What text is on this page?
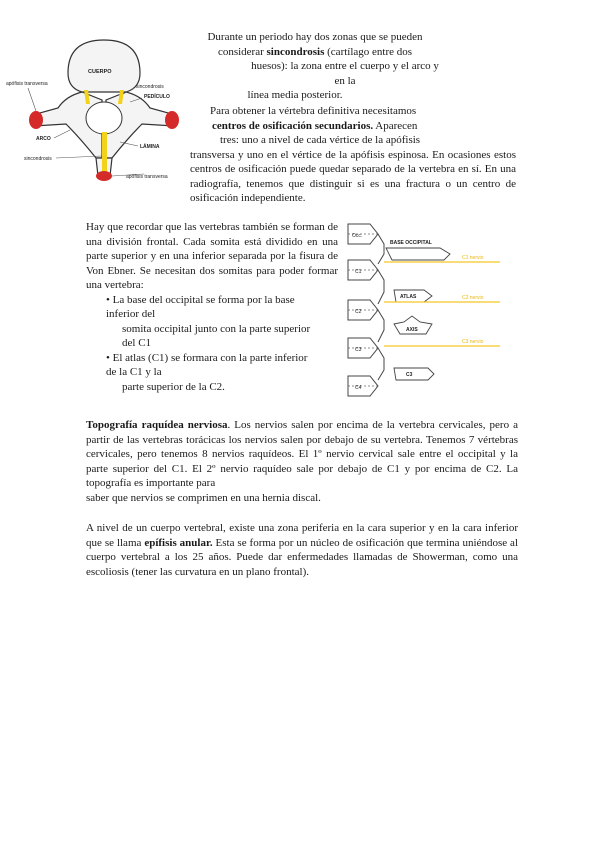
CUERPO
apófisis transversa	sincondrosis
PEDÍCULO
ARCO
LÁMINA
sincondrosis
apófisis transversa
Durante un periodo hay dos zonas que se pueden
considerar sincondrosis (cartílago entre dos
huesos): la zona entre el cuerpo y el arco y en la
línea media posterior.
Para obtener la vértebra definitiva necesitamos
centros de osificación secundarios. Aparecen
tres: uno a nivel de cada vértice de la apófisis
transversa y uno en el vértice de la apófisis espinosa. En ocasiones estos centros de osificación puede quedar separado de la vertebra en sí. En una radiografía, tenemos que distinguir si es una fractura o un centro de osificación independiente.
Hay que recordar que las vertebras también se forman de una división frontal. Cada somita está dividido en una parte superior y en una inferior separada por la fisura de Von Ebner. Se necesitan dos somitas para poder formar una vertebra:
• La base del occipital se forma por la base
inferior del
somita occipital junto con la parte superior
del C1
• El atlas (C1) se formara con la parte inferior
de la C1 y la
parte superior de la C2.
Occ.
C1
C2
C3
C4
BASE OCCIPITAL
ATLAS
AXIS
C3
C1 nervio
C2 nervio
C3 nervio
Topografía raquídea nerviosa. Los nervios salen por encima de la vertebra cervicales, pero a partir de las vertebras torácicas los nervios salen por debajo de su vertebra. Tenemos 7 vértebras cervicales, pero tenemos 8 nervios raquídeos. El 1º nervio cervical sale entre el occipital y la parte superior del C1. El 2º nervio raquídeo sale por debajo de C1 y por encima de C2. La topografía es importante para
saber que nervios se comprimen en una hernia discal.
A nivel de un cuerpo vertebral, existe una zona periferia en la cara superior y en la cara inferior que se llama epífisis anular. Esta se forma por un núcleo de osificación que termina uniéndose al cuerpo vertebral a los 25 años. Puede dar enfermedades llamadas de Showerman, como una escoliosis (tener las curvatura en un plano frontal).
